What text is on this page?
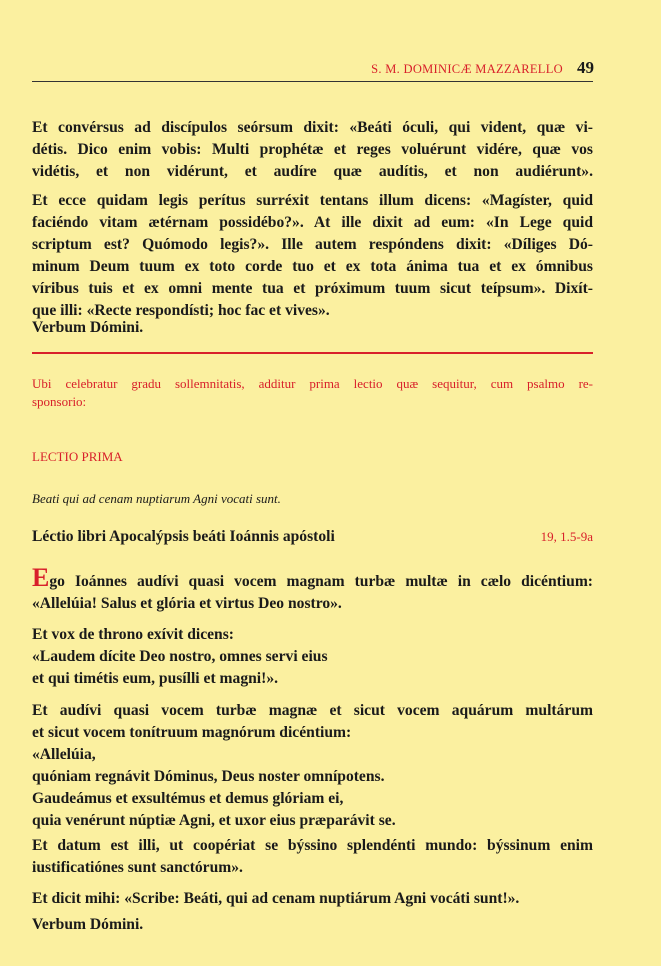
S. M. DOMINICÆ MAZZARELLO 49
Et convérsus ad discípulos seórsum dixit: «Beáti óculi, qui vident, quæ vi-
détis. Dico enim vobis: Multi prophétæ et reges voluérunt vidére, quæ vos
vidétis, et non vidérunt, et audíre quæ audítis, et non audiérunt».
Et ecce quidam legis perítus surréxit tentans illum dicens: «Magíster, quid
faciéndo vitam ætérnam possidébo?». At ille dixit ad eum: «In Lege quid
scriptum est? Quómodo legis?». Ille autem respóndens dixit: «Díliges Dó-
minum Deum tuum ex toto corde tuo et ex tota ánima tua et ex ómnibus
víribus tuis et ex omni mente tua et próximum tuum sicut teípsum». Dixít-
que illi: «Recte respondísti; hoc fac et vives».
Verbum Dómini.
Ubi celebratur gradu sollemnitatis, additur prima lectio quæ sequitur, cum psalmo re-
sponsorio:
LECTIO PRIMA
Beati qui ad cenam nuptiarum Agni vocati sunt.
Léctio libri Apocalýpsis beáti Ioánnis apóstoli	19, 1.5-9a
Ego Ioánnes audívi quasi vocem magnam turbæ multæ in cælo dicéntium:
«Allelúia! Salus et glória et virtus Deo nostro».
Et vox de throno exívit dicens:
«Laudem dícite Deo nostro, omnes servi eius
et qui timétis eum, pusílli et magni!».
Et audívi quasi vocem turbæ magnæ et sicut vocem aquárum multárum
et sicut vocem tonítruum magnórum dicéntium:
«Allelúia,
quóniam regnávit Dóminus, Deus noster omnípotens.
Gaudeámus et exsultémus et demus glóriam ei,
quia venérunt núptiæ Agni, et uxor eius præparávit se.
Et datum est illi, ut coopériat se býssino splendénti mundo: býssinum enim
iustificatiónes sunt sanctórum».
Et dicit mihi: «Scribe: Beáti, qui ad cenam nuptiárum Agni vocáti sunt!».
Verbum Dómini.
